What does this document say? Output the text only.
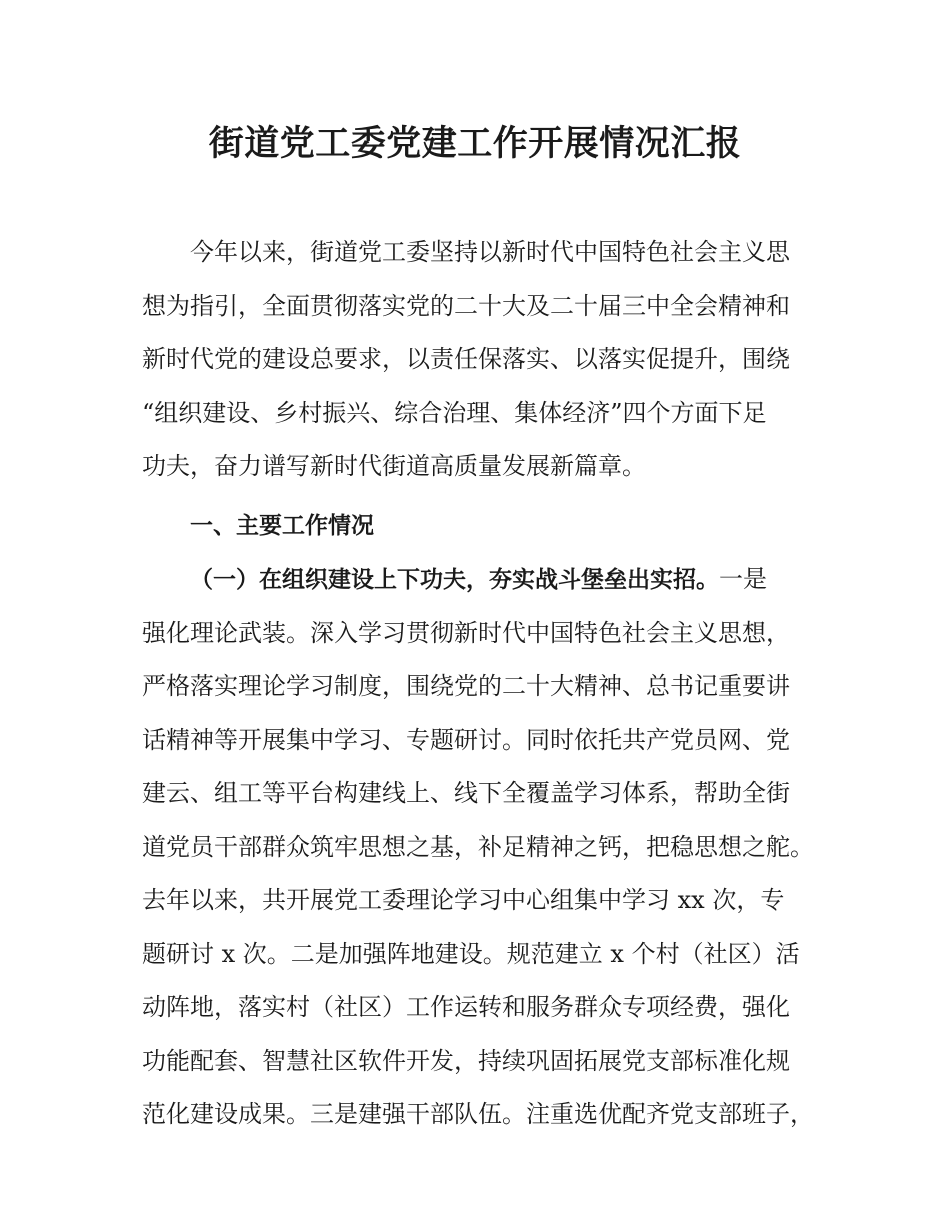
街道党工委党建工作开展情况汇报
今年以来，街道党工委坚持以新时代中国特色社会主义思
想为指引，全面贯彻落实党的二十大及二十届三中全会精神和
新时代党的建设总要求，以责任保落实、以落实促提升，围绕
“组织建设、乡村振兴、综合治理、集体经济”四个方面下足
功夫，奋力谱写新时代街道高质量发展新篇章。
一、主要工作情况
（一）在组织建设上下功夫，夯实战斗堡垒出实招。一是
强化理论武装。深入学习贯彻新时代中国特色社会主义思想，
严格落实理论学习制度，围绕党的二十大精神、总书记重要讲
话精神等开展集中学习、专题研讨。同时依托共产党员网、党
建云、组工等平台构建线上、线下全覆盖学习体系，帮助全街
道党员干部群众筑牢思想之基，补足精神之钙，把稳思想之舵。
去年以来，共开展党工委理论学习中心组集中学习 xx 次，专
题研讨 x 次。二是加强阵地建设。规范建立 x 个村（社区）活
动阵地，落实村（社区）工作运转和服务群众专项经费，强化
功能配套、智慧社区软件开发，持续巩固拓展党支部标准化规
范化建设成果。三是建强干部队伍。注重选优配齐党支部班子，
